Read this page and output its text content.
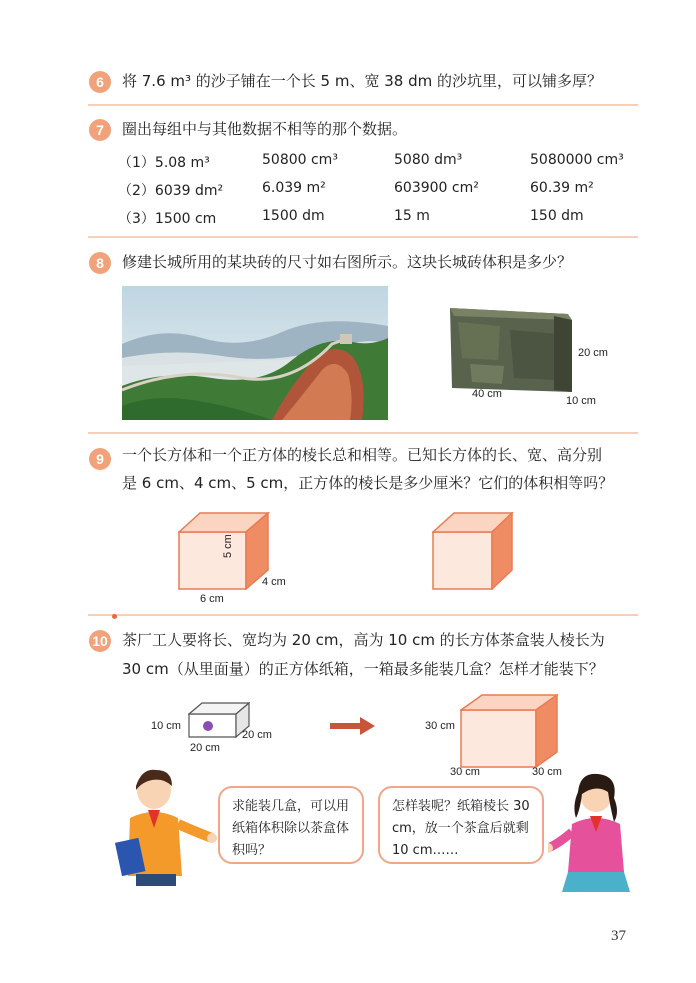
6	将 7.6 m³ 的沙子铺在一个长 5 m、宽 38 dm 的沙坑里，可以铺多厚？
7	圈出每组中与其他数据不相等的那个数据。
（1）5.08 m³	50800 cm³	5080 dm³	5080000 cm³
（2）6039 dm²	6.039 m²	603900 cm²	60.39 m²
（3）1500 cm	1500 dm	15 m	150 dm
8	修建长城所用的某块砖的尺寸如右图所示。这块长城砖体积是多少？
20 cm
40 cm
10 cm
9	一个长方体和一个正方体的棱长总和相等。已知长方体的长、宽、高分别
是 6 cm、4 cm、5 cm，正方体的棱长是多少厘米？它们的体积相等吗？
5 cm
4 cm
6 cm
10 茶厂工人要将长、宽均为 20 cm，高为 10 cm 的长方体茶盒装人棱长为
30 cm（从里面量）的正方体纸箱，一箱最多能装几盒？怎样才能装下？
10 cm
20 cm
20 cm
30 cm
30 cm	30 cm
求能装几盒，可以用纸箱体积除以茶盒体积吗？
怎样装呢？纸箱棱长 30 cm，放一个茶盒后就剩 10 cm……
37
